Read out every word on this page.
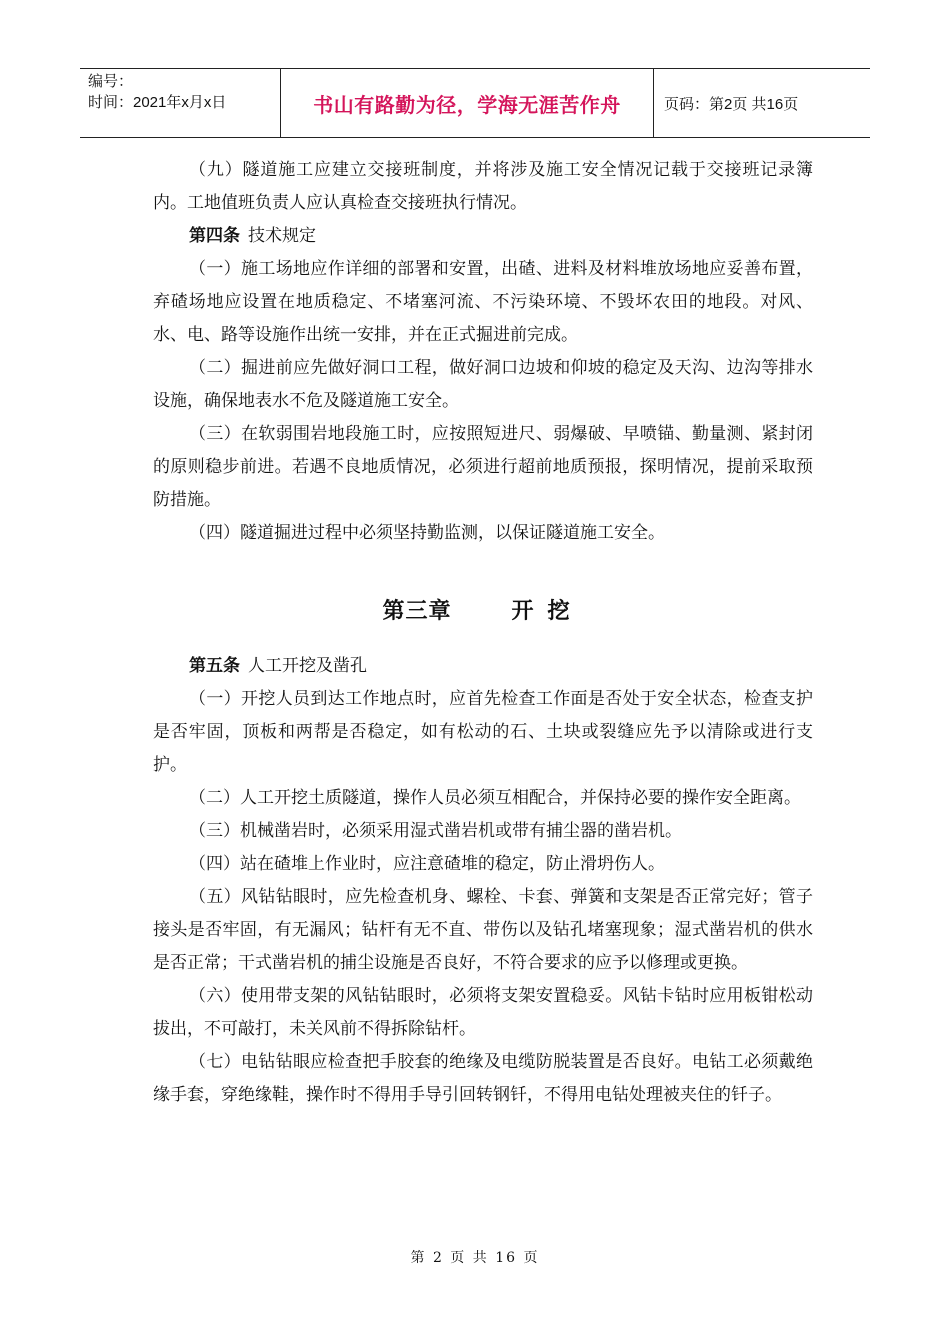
编号：
时间：2021年x月x日	书山有路勤为径，学海无涯苦作舟	页码：第2页 共16页

（九）隧道施工应建立交接班制度，并将涉及施工安全情况记载于交接班记录簿内。工地值班负责人应认真检查交接班执行情况。

第四条 技术规定

（一）施工场地应作详细的部署和安置，出碴、进料及材料堆放场地应妥善布置，弃碴场地应设置在地质稳定、不堵塞河流、不污染环境、不毁坏农田的地段。对风、水、电、路等设施作出统一安排，并在正式掘进前完成。

（二）掘进前应先做好洞口工程，做好洞口边坡和仰坡的稳定及天沟、边沟等排水设施，确保地表水不危及隧道施工安全。

（三）在软弱围岩地段施工时，应按照短进尺、弱爆破、早喷锚、勤量测、紧封闭的原则稳步前进。若遇不良地质情况，必须进行超前地质预报，探明情况，提前采取预防措施。

（四）隧道掘进过程中必须坚持勤监测，以保证隧道施工安全。

第三章	开挖

第五条 人工开挖及凿孔

（一）开挖人员到达工作地点时，应首先检查工作面是否处于安全状态，检查支护是否牢固，顶板和两帮是否稳定，如有松动的石、土块或裂缝应先予以清除或进行支护。

（二）人工开挖土质隧道，操作人员必须互相配合，并保持必要的操作安全距离。

（三）机械凿岩时，必须采用湿式凿岩机或带有捕尘器的凿岩机。

（四）站在碴堆上作业时，应注意碴堆的稳定，防止滑坍伤人。

（五）风钻钻眼时，应先检查机身、螺栓、卡套、弹簧和支架是否正常完好；管子接头是否牢固，有无漏风；钻杆有无不直、带伤以及钻孔堵塞现象；湿式凿岩机的供水是否正常；干式凿岩机的捕尘设施是否良好，不符合要求的应予以修理或更换。

（六）使用带支架的风钻钻眼时，必须将支架安置稳妥。风钻卡钻时应用板钳松动拔出，不可敲打，未关风前不得拆除钻杆。

（七）电钻钻眼应检查把手胶套的绝缘及电缆防脱装置是否良好。电钻工必须戴绝缘手套，穿绝缘鞋，操作时不得用手导引回转钢钎，不得用电钻处理被夹住的钎子。

第 2 页 共 16 页
